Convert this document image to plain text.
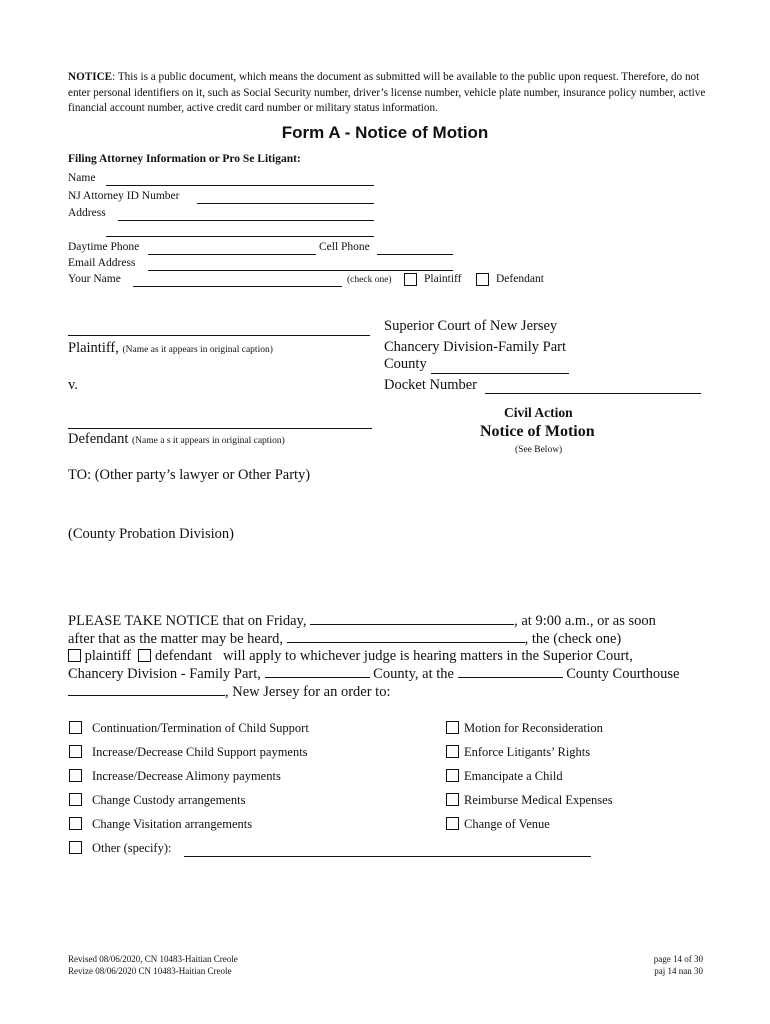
NOTICE: This is a public document, which means the document as submitted will be available to the public upon request. Therefore, do not enter personal identifiers on it, such as Social Security number, driver’s license number, vehicle plate number, insurance policy number, active financial account number, active credit card number or military status information.
Form A - Notice of Motion
Filing Attorney Information or Pro Se Litigant:
Name
NJ Attorney ID Number
Address
Daytime Phone	Cell Phone
Email Address
Your Name	(check one)	Plaintiff	Defendant
Plaintiff, (Name as it appears in original caption)
v.
Defendant (Name a s it appears in original caption)
Superior Court of New Jersey
Chancery Division-Family Part
County
Docket Number
Civil Action
Notice of Motion
(See Below)
TO: (Other party’s lawyer or Other Party)
(County Probation Division)
PLEASE TAKE NOTICE that on Friday,	, at 9:00 a.m., or as soon
after that as the matter may be heard,	, the (check one)
plaintiff defendant will apply to whichever judge is hearing matters in the Superior Court,
Chancery Division - Family Part,	County, at the	County Courthouse
, New Jersey for an order to:
Continuation/Termination of Child Support
Increase/Decrease Child Support payments
Increase/Decrease Alimony payments
Change Custody arrangements
Change Visitation arrangements
Motion for Reconsideration
Enforce Litigants’ Rights
Emancipate a Child
Reimburse Medical Expenses
Change of Venue
Other (specify):
Revised 08/06/2020, CN 10483-Haitian Creole
Revize 08/06/2020 CN 10483-Haitian Creole
page 14 of 30
paj 14 nan 30
